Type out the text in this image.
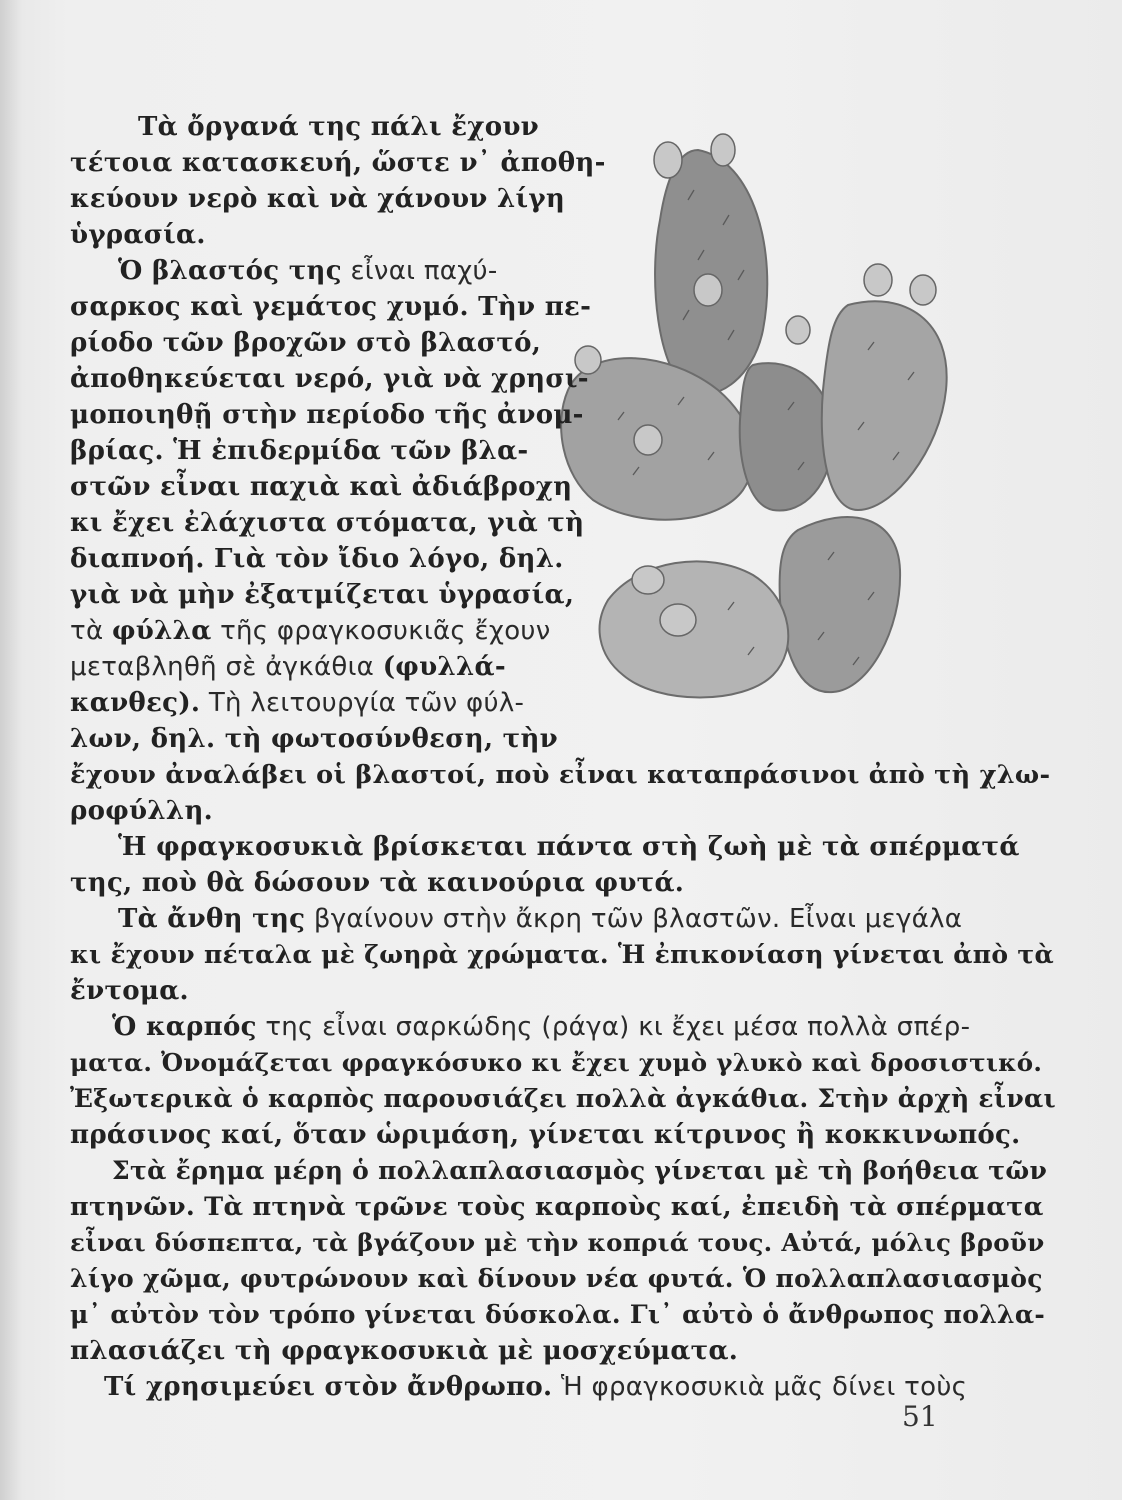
Τὰ ὄργανά της πάλι ἔχουν

τέτοια κατασκευή, ὥστε ν᾽ ἀποθη-

κεύουν νερὸ καὶ νὰ χάνουν λίγη

ὑγρασία.

Ὁ βλαστός της εἶναι παχύ-

σαρκος καὶ γεμάτος χυμό. Τὴν πε-

ρίοδο τῶν βροχῶν στὸ βλαστό,

ἀποθηκεύεται νερό, γιὰ νὰ χρησι-

μοποιηθῇ στὴν περίοδο τῆς ἀνομ-

βρίας. Ἡ ἐπιδερμίδα τῶν βλα-

στῶν εἶναι παχιὰ καὶ ἀδιάβροχη

κι ἔχει ἐλάχιστα στόματα, γιὰ τὴ

διαπνοή. Γιὰ τὸν ἴδιο λόγο, δηλ.

γιὰ νὰ μὴν ἐξατμίζεται ὑγρασία,

τὰ φύλλα τῆς φραγκοσυκιᾶς ἔχουν

μεταβληθῆ σὲ ἀγκάθια (φυλλά-

κανθες). Τὴ λειτουργία τῶν φύλ-

λων, δηλ. τὴ φωτοσύνθεση, τὴν

ἔχουν ἀναλάβει οἱ βλαστοί, ποὺ εἶναι καταπράσινοι ἀπὸ τὴ χλω-

ροφύλλη.

Ἡ φραγκοσυκιὰ βρίσκεται πάντα στὴ ζωὴ μὲ τὰ σπέρματά

της, ποὺ θὰ δώσουν τὰ καινούρια φυτά.

Τὰ ἄνθη της βγαίνουν στὴν ἄκρη τῶν βλαστῶν. Εἶναι μεγάλα

κι ἔχουν πέταλα μὲ ζωηρὰ χρώματα. Ἡ ἐπικονίαση γίνεται ἀπὸ τὰ

ἔντομα.

Ὁ καρπός της εἶναι σαρκώδης (ράγα) κι ἔχει μέσα πολλὰ σπέρ-

ματα. Ὀνομάζεται φραγκόσυκο κι ἔχει χυμὸ γλυκὸ καὶ δροσιστικό.

Ἐξωτερικὰ ὁ καρπὸς παρουσιάζει πολλὰ ἀγκάθια. Στὴν ἀρχὴ εἶναι

πράσινος καί, ὅταν ὡριμάση, γίνεται κίτρινος ἢ κοκκινωπός.

Στὰ ἔρημα μέρη ὁ πολλαπλασιασμὸς γίνεται μὲ τὴ βοήθεια τῶν

πτηνῶν. Τὰ πτηνὰ τρῶνε τοὺς καρποὺς καί, ἐπειδὴ τὰ σπέρματα

εἶναι δύσπεπτα, τὰ βγάζουν μὲ τὴν κοπριά τους. Αὐτά, μόλις βροῦν

λίγο χῶμα, φυτρώνουν καὶ δίνουν νέα φυτά. Ὁ πολλαπλασιασμὸς

μ᾽ αὐτὸν τὸν τρόπο γίνεται δύσκολα. Γι᾽ αὐτὸ ὁ ἄνθρωπος πολλα-

πλασιάζει τὴ φραγκοσυκιὰ μὲ μοσχεύματα.

Τί χρησιμεύει στὸν ἄνθρωπο. Ἡ φραγκοσυκιὰ μᾶς δίνει τοὺς

51
